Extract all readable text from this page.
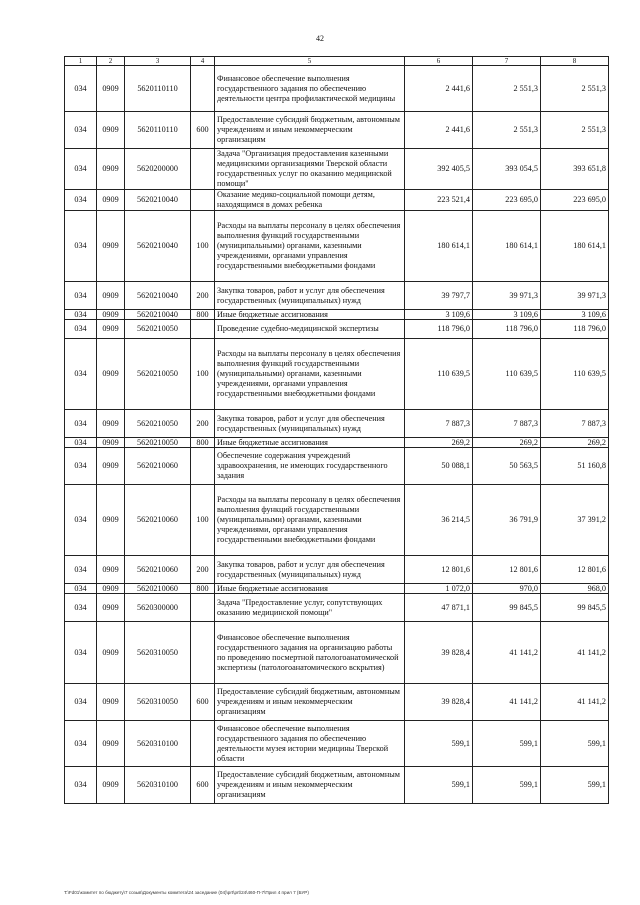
42
1	2	3	4	5	6	7	8
034	0909	5620110110		Финансовое обеспечение выполнения государственного задания по обеспечению деятельности центра профилактической медицины	2 441,6	2 551,3	2 551,3
034	0909	5620110110	600	Предоставление субсидий бюджетным, автономным учреждениям и иным некоммерческим организациям	2 441,6	2 551,3	2 551,3
034	0909	5620200000		Задача "Организация предоставления казенными медицинскими организациями Тверской области государственных услуг по оказанию медицинской помощи"	392 405,5	393 054,5	393 651,8
034	0909	5620210040		Оказание медико-социальной помощи детям, находящимся в домах ребенка	223 521,4	223 695,0	223 695,0
034	0909	5620210040	100	Расходы на выплаты персоналу в целях обеспечения выполнения функций государственными (муниципальными) органами, казенными учреждениями, органами управления государственными внебюджетными фондами	180 614,1	180 614,1	180 614,1
034	0909	5620210040	200	Закупка товаров, работ и услуг для обеспечения государственных (муниципальных) нужд	39 797,7	39 971,3	39 971,3
034	0909	5620210040	800	Иные бюджетные ассигнования	3 109,6	3 109,6	3 109,6
034	0909	5620210050		Проведение судебно-медицинской экспертизы	118 796,0	118 796,0	118 796,0
034	0909	5620210050	100	Расходы на выплаты персоналу в целях обеспечения выполнения функций государственными (муниципальными) органами, казенными учреждениями, органами управления государственными внебюджетными фондами	110 639,5	110 639,5	110 639,5
034	0909	5620210050	200	Закупка товаров, работ и услуг для обеспечения государственных (муниципальных) нужд	7 887,3	7 887,3	7 887,3
034	0909	5620210050	800	Иные бюджетные ассигнования	269,2	269,2	269,2
034	0909	5620210060		Обеспечение содержания учреждений здравоохранения, не имеющих государственного задания	50 088,1	50 563,5	51 160,8
034	0909	5620210060	100	Расходы на выплаты персоналу в целях обеспечения выполнения функций государственными (муниципальными) органами, казенными учреждениями, органами управления государственными внебюджетными фондами	36 214,5	36 791,9	37 391,2
034	0909	5620210060	200	Закупка товаров, работ и услуг для обеспечения государственных (муниципальных) нужд	12 801,6	12 801,6	12 801,6
034	0909	5620210060	800	Иные бюджетные ассигнования	1 072,0	970,0	968,0
034	0909	5620300000		Задача "Предоставление услуг, сопутствующих оказанию медицинской помощи"	47 871,1	99 845,5	99 845,5
034	0909	5620310050		Финансовое обеспечение выполнения государственного задания на организацию работы по проведению посмертной патологоанатомической экспертизы (патологоанатомического вскрытия)	39 828,4	41 141,2	41 141,2
034	0909	5620310050	600	Предоставление субсидий бюджетным, автономным учреждениям и иным некоммерческим организациям	39 828,4	41 141,2	41 141,2
034	0909	5620310100		Финансовое обеспечение выполнения государственного задания по обеспечению деятельности музея истории медицины Тверской области	599,1	599,1	599,1
034	0909	5620310100	600	Предоставление субсидий бюджетным, автономным учреждениям и иным некоммерческим организациям	599,1	599,1	599,1
T:\Fd01\комитет по бюджету\7 созыв\Документы комитета\24 заседание (04)\prt\prt\24\460-П-7\Прил 4 прил 7 (БУР)
